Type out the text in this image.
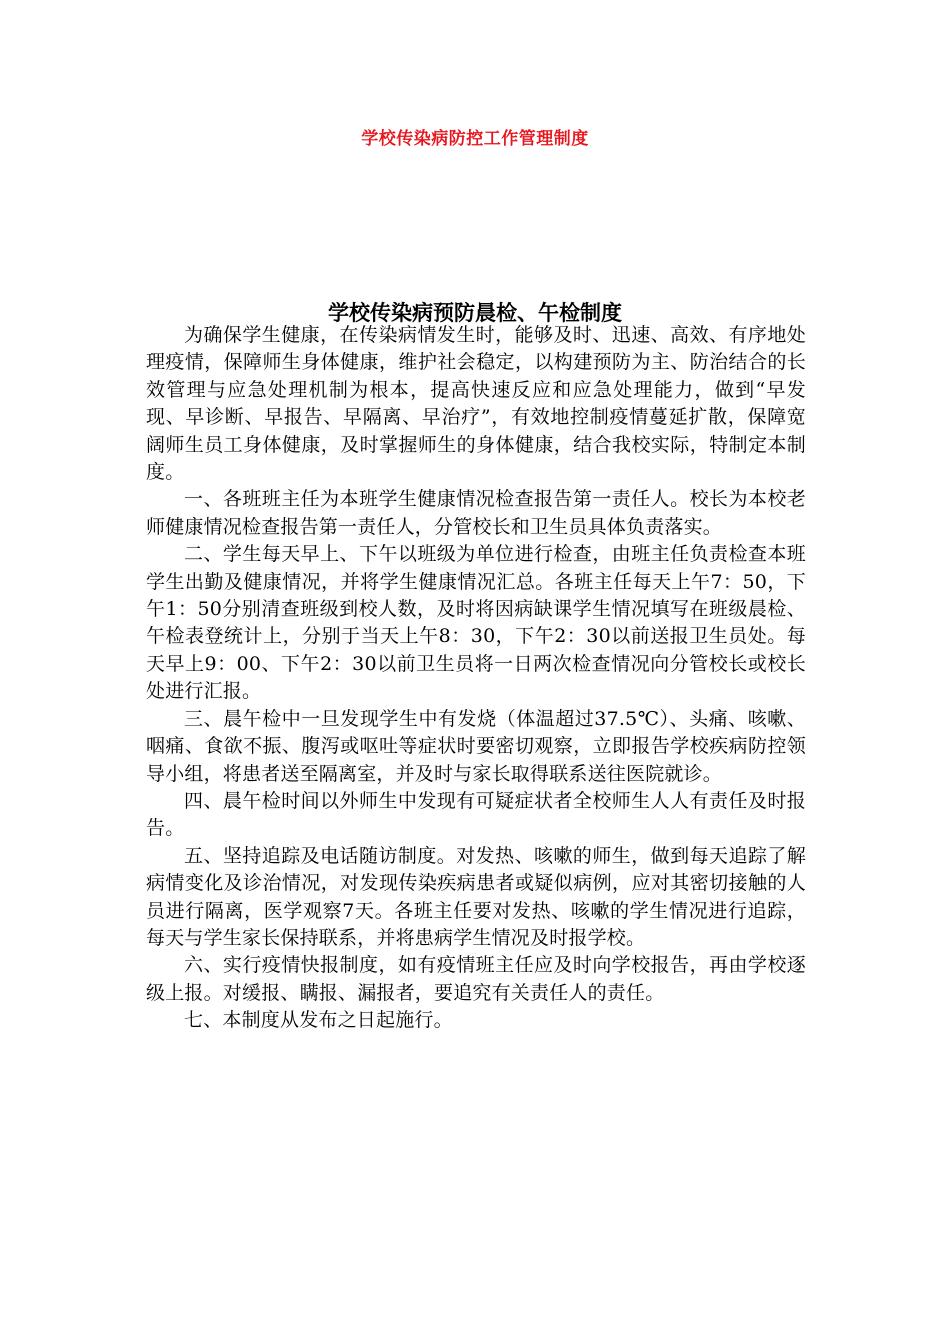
学校传染病防控工作管理制度
学校传染病预防晨检、午检制度

为确保学生健康，在传染病情发生时，能够及时、迅速、高效、有序地处理疫情，保障师生身体健康，维护社会稳定，以构建预防为主、防治结合的长效管理与应急处理机制为根本，提高快速反应和应急处理能力，做到“早发现、早诊断、早报告、早隔离、早治疗”，有效地控制疫情蔓延扩散，保障宽阔师生员工身体健康，及时掌握师生的身体健康，结合我校实际，特制定本制度。

一、各班班主任为本班学生健康情况检查报告第一责任人。校长为本校老师健康情况检查报告第一责任人，分管校长和卫生员具体负责落实。

二、学生每天早上、下午以班级为单位进行检查，由班主任负责检查本班学生出勤及健康情况，并将学生健康情况汇总。各班主任每天上午7：50，下午1：50分别清查班级到校人数，及时将因病缺课学生情况填写在班级晨检、午检表登统计上，分别于当天上午8：30，下午2：30以前送报卫生员处。每天早上9：00、下午2：30以前卫生员将一日两次检查情况向分管校长或校长处进行汇报。

三、晨午检中一旦发现学生中有发烧（体温超过37.5℃）、头痛、咳嗽、咽痛、食欲不振、腹泻或呕吐等症状时要密切观察，立即报告学校疾病防控领导小组，将患者送至隔离室，并及时与家长取得联系送往医院就诊。

四、晨午检时间以外师生中发现有可疑症状者全校师生人人有责任及时报告。

五、坚持追踪及电话随访制度。对发热、咳嗽的师生，做到每天追踪了解病情变化及诊治情况，对发现传染疾病患者或疑似病例，应对其密切接触的人员进行隔离，医学观察7天。各班主任要对发热、咳嗽的学生情况进行追踪，每天与学生家长保持联系，并将患病学生情况及时报学校。

六、实行疫情快报制度，如有疫情班主任应及时向学校报告，再由学校逐级上报。对缓报、瞒报、漏报者，要追究有关责任人的责任。

七、本制度从发布之日起施行。
